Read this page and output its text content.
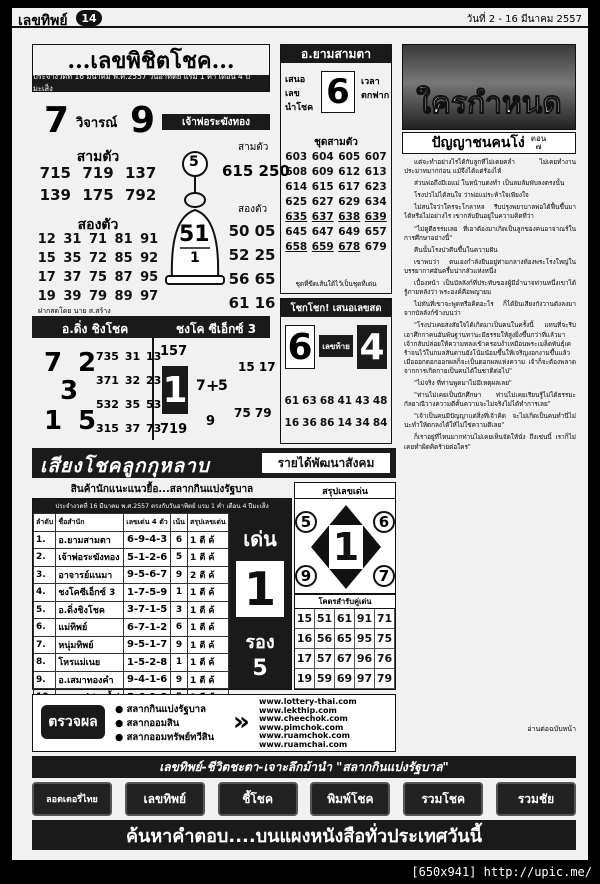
เลขทิพย์	14	วันที่ 2 - 16 มีนาคม 2557
...เลขพิชิตโชค...
ประจำงวดที่ 16 มีนาคม พ.ศ.2557 วันอาทิตย์ แรม 1 ค่ำ เดือน 4 ปีมะเส็ง
7 วิจารณ์ 9
สามตัว
715 719 137
139 175 792
สองตัว
12 31 71 81 91
15 35 72 85 92
17 37 75 87 95
19 39 79 89 97
ฝากสดโดย นาย ส.สร้าง
เจ้าพ่อระฆังทอง
สามตัว
615 250
สองตัว
50 05
52 25
56 65
61 16
5
51
1
อ.ดิ่ง ชิงโชค	ชงโค ซีเอ็กซ์ 3
7 2
3
1 5
735 31 13
371 32 23
532 35 53
315 37 73
157
1
719
7 +
5
9
15 17
75 79
อ.ยามสามตา
เสนอ
เลข
นำโชค 6	เวลา
ตกฟาก
ชุดสามตัว
603 604 605 607
608 609 612 613
614 615 617 623
625 627 629 634
635 637 638 639
645 647 649 657
658 659 678 679
ชุดที่ขีดเส้นใต้ไว้เป็นชุดที่เด่น
โชกโชก! เสนอเลขสด
6	เลขท้าย 4
61 63 68 41 43 48
16 36 86 14 34 84
ใครกำหนด
ปัญญาชนคนโง่ ตอน
๗

แต่จะทำอย่างไรได้กับลูกที่ไม่เคยคล่ำ ไม่เคยทำงานประมาทมากก่อน แม้จึงได้แต่ร้องไห้

ส่วนพ่อถึงมีเอแม่ ในหน้านตงทำ เป็นลมล้มพับลงตรงนั้น

โรงปวไม่ได้สนใจ ว่าพ่อแม่ระห้าใจเพียงใจ

ไม่สนใจว่าใครจะโกลาหล รีบปรุงพยาบาลพ่อได้ฟื้นขึ้นมาได้หรือไม่อย่างไร เขากลับยืนอยู่ในความคิดที่ว่า

"ไม่ดูดีธรรมเลย ที่เอาต้องมาเกิดเป็นลูกของคนอาจาณร์ในการศึกษาอย่างนี้"

คืนนั้นโรงปวคืนขึ้นในความฝัน

เขาพบว่า ตนเองกำลังยืนอยู่ท่ามกลางท้องพระโรงใหญ่ในบรรยากาศอันครึ้มน่ากลัวแห่งหนึ่ง

เบื้องหน้า เป็นบัลลังก์ที่ประทับของผู้มีอำนาจท่านหนึ่งเขาได้รู้ภายหลังว่า พระองค์คือพญายม

ไม่ทันที่เขาจะพูดหรือคิดอะไร ก็ได้ยินเสียงกังวานดังลงมาจากบัลลังก์ข้างบนว่า

"โรงปวเคยสงสัยใจได้เกิดมาเป็นคนในครั้งนี้ แทนที่จะรีบเอาศึกกาคนอันพ้นฐานทานะมีธรรมให้สูงยิ่งขึ้นกว่าที่แล้วมา เจ้ากลับปล่อยให้ความหลงเข้าครอบงำเหมือนพระเมล็ดพันธุ์เคร้าจนไว้ในกมลสันดานยังโน้มน้อมขึ้นให้เจริญงอกงามขึ้นแล้วเมื่อออกดอกออกผลก็จะเป็นดอกผลแห่งความ เจ้าก็จะต้องพลาดจากการเกิดกายเป็นคนได้ในชาติต่อไป"

"ไม่จริง ที่ท่านพูดมาไม่มีเหตุผลเลย"

"ท่านไม่เคยเป็นนักศึกษา ท่านไม่เคยเรียนรู้ไม่ได้ธรรมะกัลยาณีวางความดีคั้นความจะไม่จริงไม่ได้ทำการเลย"

"เจ้าเป็นคนมีปัญญาแต่สิ่งที่เจ้าคิด จะไม่เกิดเป็นคนทำนี่ไม่นะทำให้ตกลงได้ให้ไม่ใช่ความดีเลย"

ก็เราอยู่ที่ไหนมากท่านไม่เคยเห็นจัดให้นั่ง ถึงเช่นนี้ เราก็ไม่เคยทำผิดคิดร้ายต่อใคร"

อ่านต่อฉบับหน้า
เสียงโชคลูกกุหลาบ	รายได้พัฒนาสังคม
สินค้านักแนะแนวยื้อ...สลากกินแบ่งรัฐบาล
ประจำงวดที่ 16 มีนาคม พ.ศ.2557 ตรงกับวันอาทิตย์ แรม 1 ค่ำ เดือน 4 ปีมะเส็ง
ลำดับ	ชื่อสำนัก	เลขเด่น 4 ตัว	เน้น	สรุปเลขเด่น
1.	อ.ยามสามตา	6-9-4-3	6	1 ตี ค้
2.	เจ้าพ่อระฆังทอง	5-1-2-6	5	1 ตี ค้
3.	อาจารย์แนมา	9-5-6-7	9	2 ตี ค้
4.	ชงโคซีเอ็กซ์ 3	1-7-5-9	1	1 ตี ค้
5.	อ.ดิ่งชิงโชค	3-7-1-5	3	1 ตี ค้
6.	แม่ทิพย์	6-7-1-2	6	1 ตี ค้
7.	หนุ่มทิพย์	9-5-1-7	9	1 ตี ค้
8.	โหรแม่เนย	1-5-2-8	1	1 ตี ค้
9.	อ.เสมาทองคำ	9-4-1-6	9	1 ตี ค้

เด่น
1
รอง
5
สรุปเลขเด่น
1
5	6
9	7
โคตรสำรับคู่เด่น
15 51 61 91 71
16 56 65 95 75
17 57 67 96 76
19 59 69 97 79
ตรวจผล
● สลากกินแบ่งรัฐบาล
● สลากออมสิน
● สลากออมทรัพย์ทวีสิน
»
www.lottery-thai.com
www.lekthip.com
www.cheechok.com
www.pimchok.com
www.ruamchok.com
www.ruamchai.com
เลขทิพย์-ชีวิตชะตา-เจาะลึกม้านำ "สลากกินแบ่งรัฐบาล"
ลอตเตอรี่ไทย	เลขทิพย์	ชี้โชค	พิมพ์โชค	รวมโชค	รวมชัย
ค้นหาคำตอบ....บนแผงหนังสือทั่วประเทศวันนี้
[650x941] http://upic.me/
